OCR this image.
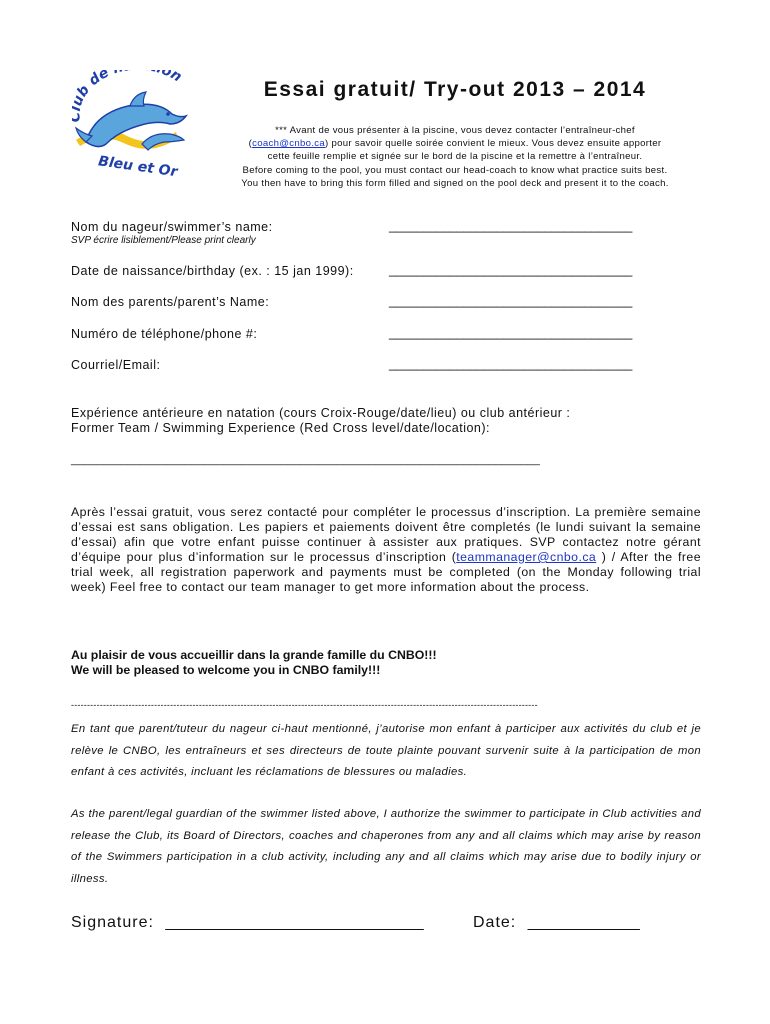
b de on
Bleu et Or
Essai gratuit/ Try-out 2013 – 2014
*** Avant de vous présenter à la piscine, vous devez contacter l’entraîneur-chef
(coach@cnbo.ca) pour savoir quelle soirée convient le mieux. Vous devez ensuite apporter
cette feuille remplie et signée sur le bord de la piscine et la remettre à l’entraîneur.
Before coming to the pool, you must contact our head-coach to know what practice suits best.
You then have to bring this form filled and signed on the pool deck and present it to the coach.
Nom du nageur/swimmer’s name:	____________________________________
SVP écrire lisiblement/Please print clearly
Date de naissance/birthday (ex. : 15 jan 1999):	____________________________________
Nom des parents/parent’s Name:	____________________________________
Numéro de téléphone/phone #:	____________________________________
Courriel/Email:	____________________________________
Expérience antérieure en natation (cours Croix-Rouge/date/lieu) ou club antérieur :
Former Team / Swimming Experience (Red Cross level/date/location):
__________________________________________________________________________
Après l’essai gratuit, vous serez contacté pour compléter le processus d’inscription. La première semaine d’essai est sans obligation. Les papiers et paiements doivent être completés (le lundi suivant la semaine d’essai) afin que votre enfant puisse continuer à assister aux pratiques. SVP contactez notre gérant d’équipe pour plus d’information sur le processus d’inscription (teammanager@cnbo.ca ) / After the free trial week, all registration paperwork and payments must be completed (on the Monday following trial week) Feel free to contact our team manager to get more information about the process.
Au plaisir de vous accueillir dans la grande famille du CNBO!!!
We will be pleased to welcome you in CNBO family!!!
--------------------------------------------------------------------------------------------------------------------------------------------------
En tant que parent/tuteur du nageur ci-haut mentionné, j’autorise mon enfant à participer aux activités du club et je relève le CNBO, les entraîneurs et ses directeurs de toute plainte pouvant survenir suite à la participation de mon enfant à ces activités, incluant les réclamations de blessures ou maladies.
As the parent/legal guardian of the swimmer listed above, I authorize the swimmer to participate in Club activities and release the Club, its Board of Directors, coaches and chaperones from any and all claims which may arise by reason of the Swimmers participation in a club activity, including any and all claims which may arise due to bodily injury or illness.
Signature: ______________________________	Date: _____________
